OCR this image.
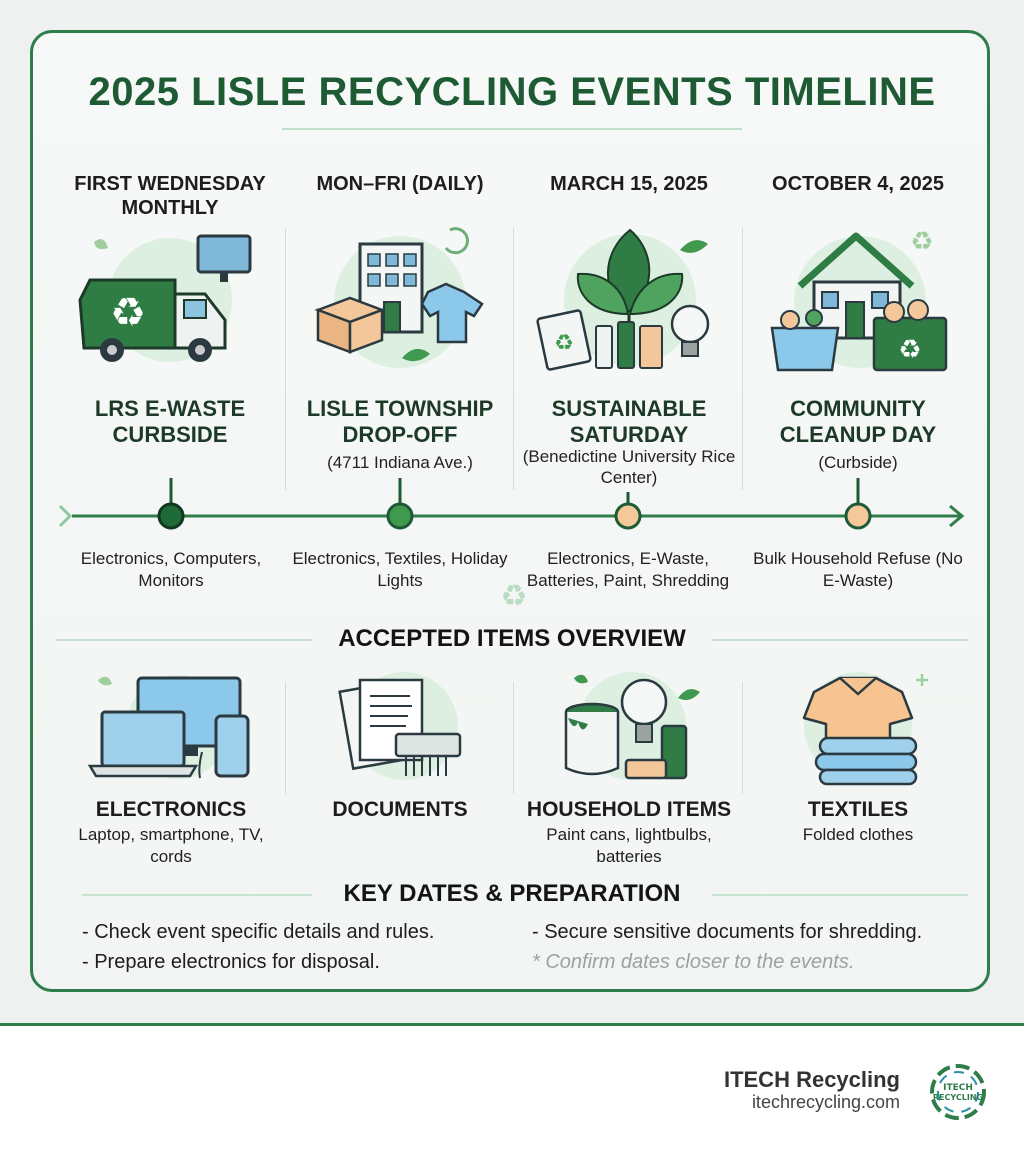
2025 LISLE RECYCLING EVENTS TIMELINE
FIRST WEDNESDAY MONTHLY
♻
LRS E-WASTE CURBSIDE
MON–FRI (DAILY)
LISLE TOWNSHIP DROP-OFF
(4711 Indiana Ave.)
MARCH 15, 2025
♻
SUSTAINABLE SATURDAY
(Benedictine University Rice Center)
OCTOBER 4, 2025
♻
♻
COMMUNITY CLEANUP DAY
(Curbside)
Electronics, Computers, Monitors
Electronics, Textiles, Holiday Lights
Electronics, E-Waste, Batteries, Paint, Shredding
Bulk Household Refuse (No E-Waste)
♻
ACCEPTED ITEMS OVERVIEW
ELECTRONICS
Laptop, smartphone, TV, cords
DOCUMENTS	HOUSEHOLD ITEMS
Paint cans, lightbulbs, batteries
TEXTILES
Folded clothes
KEY DATES & PREPARATION
- Check event specific details and rules.
- Prepare electronics for disposal.
- Secure sensitive documents for shredding.
* Confirm dates closer to the events.
ITECH Recycling
itechrecycling.com
ITECH
RECYCLING
